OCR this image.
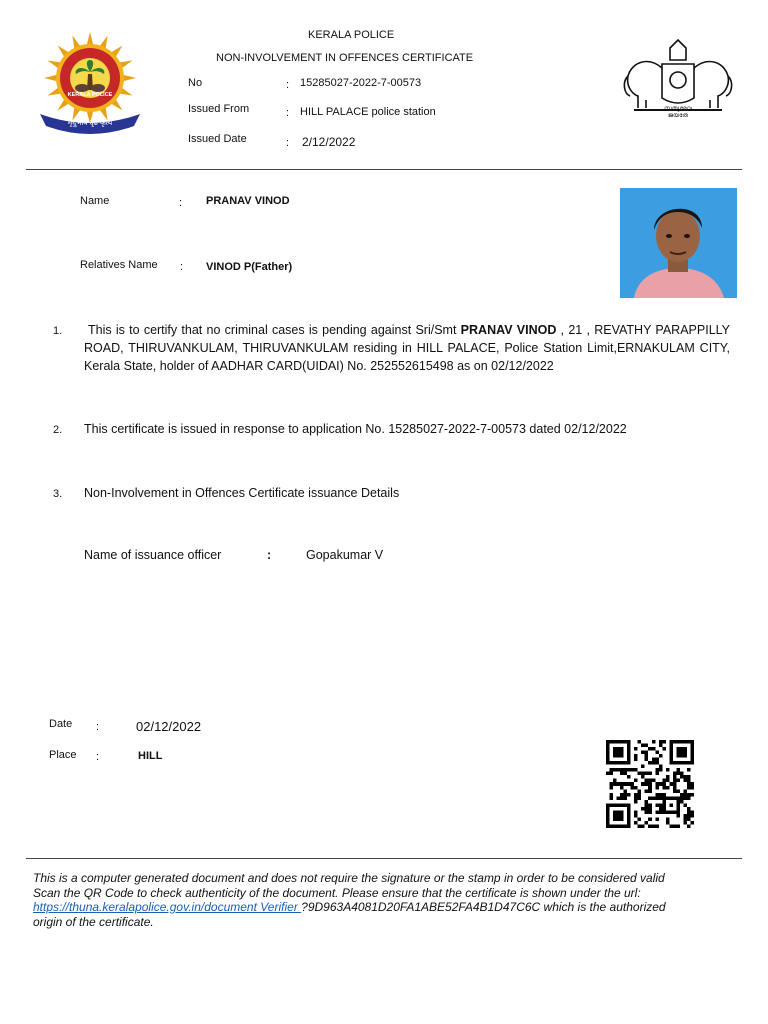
मृदुभावे दृढ कृत्ये
KERALA POLICE
സത്യമേവ ജയതേ
KERALA POLICE
NON-INVOLVEMENT IN OFFENCES CERTIFICATE
No	: 15285027-2022-7-00573
Issued From	: HILL PALACE police station
Issued Date	: 2/12/2022
Name	: PRANAV VINOD
Relatives Name : VINOD P(Father)
1.	This is to certify that no criminal cases is pending against Sri/Smt PRANAV VINOD , 21 , REVATHY PARAPPILLY ROAD, THIRUVANKULAM, THIRUVANKULAM residing in HILL PALACE, Police Station Limit,ERNAKULAM CITY, Kerala State, holder of AADHAR CARD(UIDAI) No. 252552615498 as on 02/12/2022
2. This certificate is issued in response to application No. 15285027-2022-7-00573 dated 02/12/2022
3. Non-Involvement in Offences Certificate issuance Details
Name of issuance officer	:	Gopakumar V
Date :	02/12/2022
Place :	HILL
This is a computer generated document and does not require the signature or the stamp in order to be considered valid
Scan the QR Code to check authenticity of the document. Please ensure that the certificate is shown under the url:
https://thuna.keralapolice.gov.in/document Verifier ?9D963A4081D20FA1ABE52FA4B1D47C6C which is the authorized
origin of the certificate.
